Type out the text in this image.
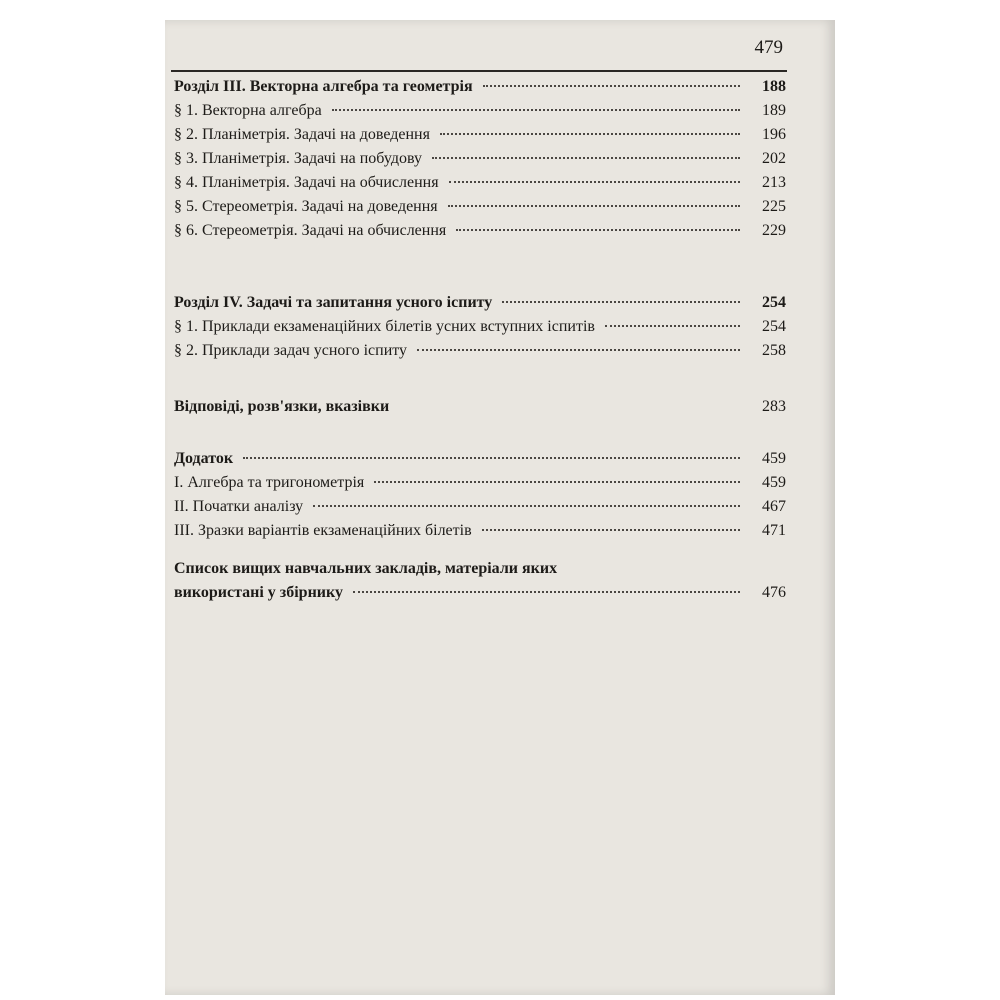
479
Розділ III. Векторна алгебра та геометрія	188
§ 1. Векторна алгебра	189
§ 2. Планіметрія. Задачі на доведення	196
§ 3. Планіметрія. Задачі на побудову	202
§ 4. Планіметрія. Задачі на обчислення	213
§ 5. Стереометрія. Задачі на доведення	225
§ 6. Стереометрія. Задачі на обчислення	229
Розділ IV. Задачі та запитання усного іспиту	254
§ 1. Приклади екзаменаційних білетів усних вступних іспитів	254
§ 2. Приклади задач усного іспиту	258
Відповіді, розв'язки, вказівки	283
Додаток	459
І. Алгебра та тригонометрія	459
ІІ. Початки аналізу	467
ІІІ. Зразки варіантів екзаменаційних білетів	471
Список вищих навчальних закладів, матеріали яких
використані у збірнику	476
